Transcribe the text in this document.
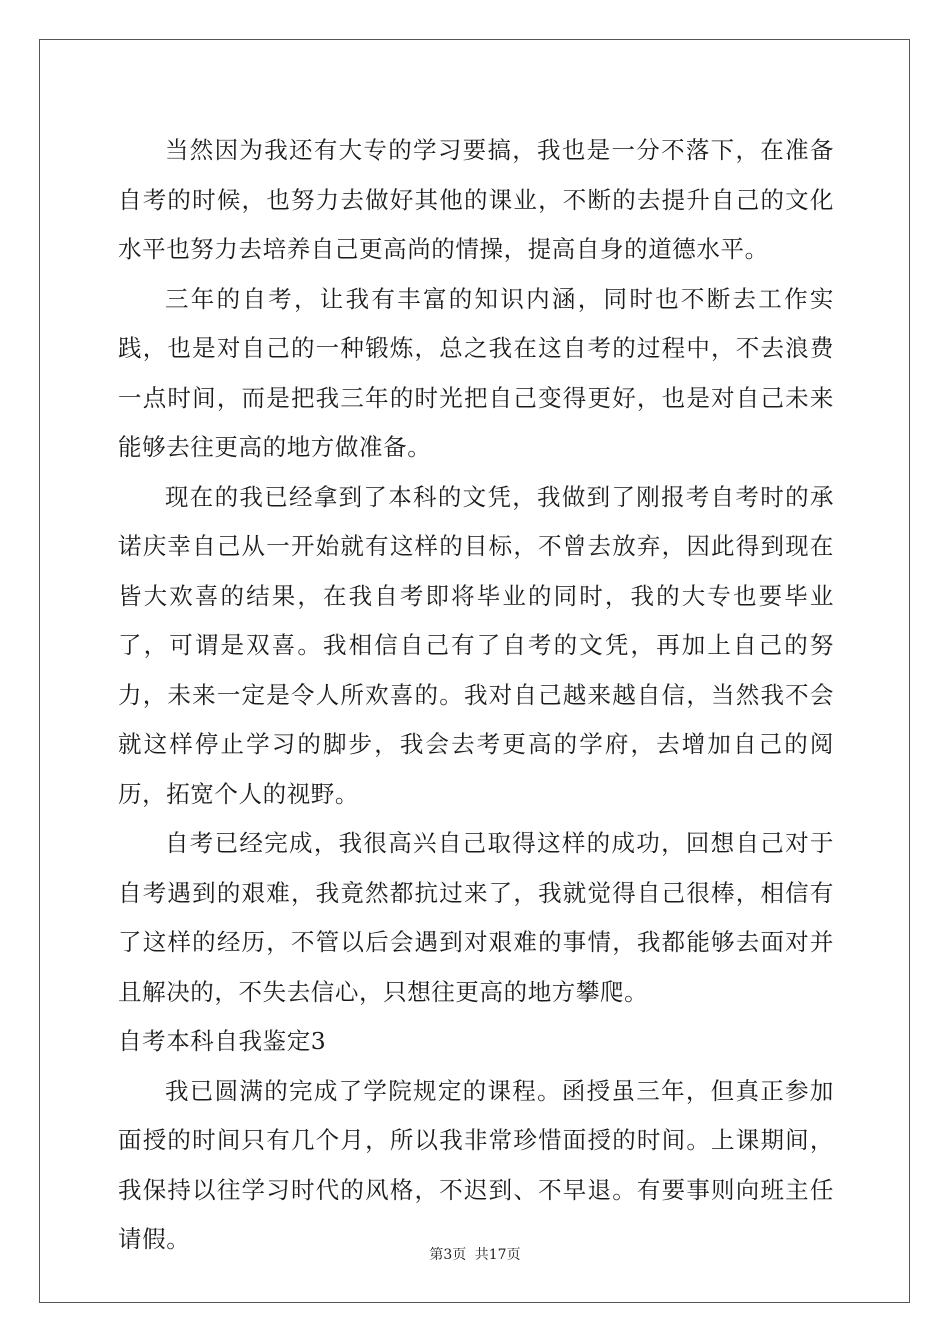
当然因为我还有大专的学习要搞，我也是一分不落下，在准备自考的时候，也努力去做好其他的课业，不断的去提升自己的文化水平也努力去培养自己更高尚的情操，提高自身的道德水平。

三年的自考，让我有丰富的知识内涵，同时也不断去工作实践，也是对自己的一种锻炼，总之我在这自考的过程中，不去浪费一点时间，而是把我三年的时光把自己变得更好，也是对自己未来能够去往更高的地方做准备。

现在的我已经拿到了本科的文凭，我做到了刚报考自考时的承诺庆幸自己从一开始就有这样的目标，不曾去放弃，因此得到现在皆大欢喜的结果，在我自考即将毕业的同时，我的大专也要毕业了，可谓是双喜。我相信自己有了自考的文凭，再加上自己的努力，未来一定是令人所欢喜的。我对自己越来越自信，当然我不会就这样停止学习的脚步，我会去考更高的学府，去增加自己的阅历，拓宽个人的视野。

自考已经完成，我很高兴自己取得这样的成功，回想自己对于自考遇到的艰难，我竟然都抗过来了，我就觉得自己很棒，相信有了这样的经历，不管以后会遇到对艰难的事情，我都能够去面对并且解决的，不失去信心，只想往更高的地方攀爬。

自考本科自我鉴定3

我已圆满的完成了学院规定的课程。函授虽三年，但真正参加面授的时间只有几个月，所以我非常珍惜面授的时间。上课期间，我保持以往学习时代的风格，不迟到、不早退。有要事则向班主任请假。

第3页 共17页
